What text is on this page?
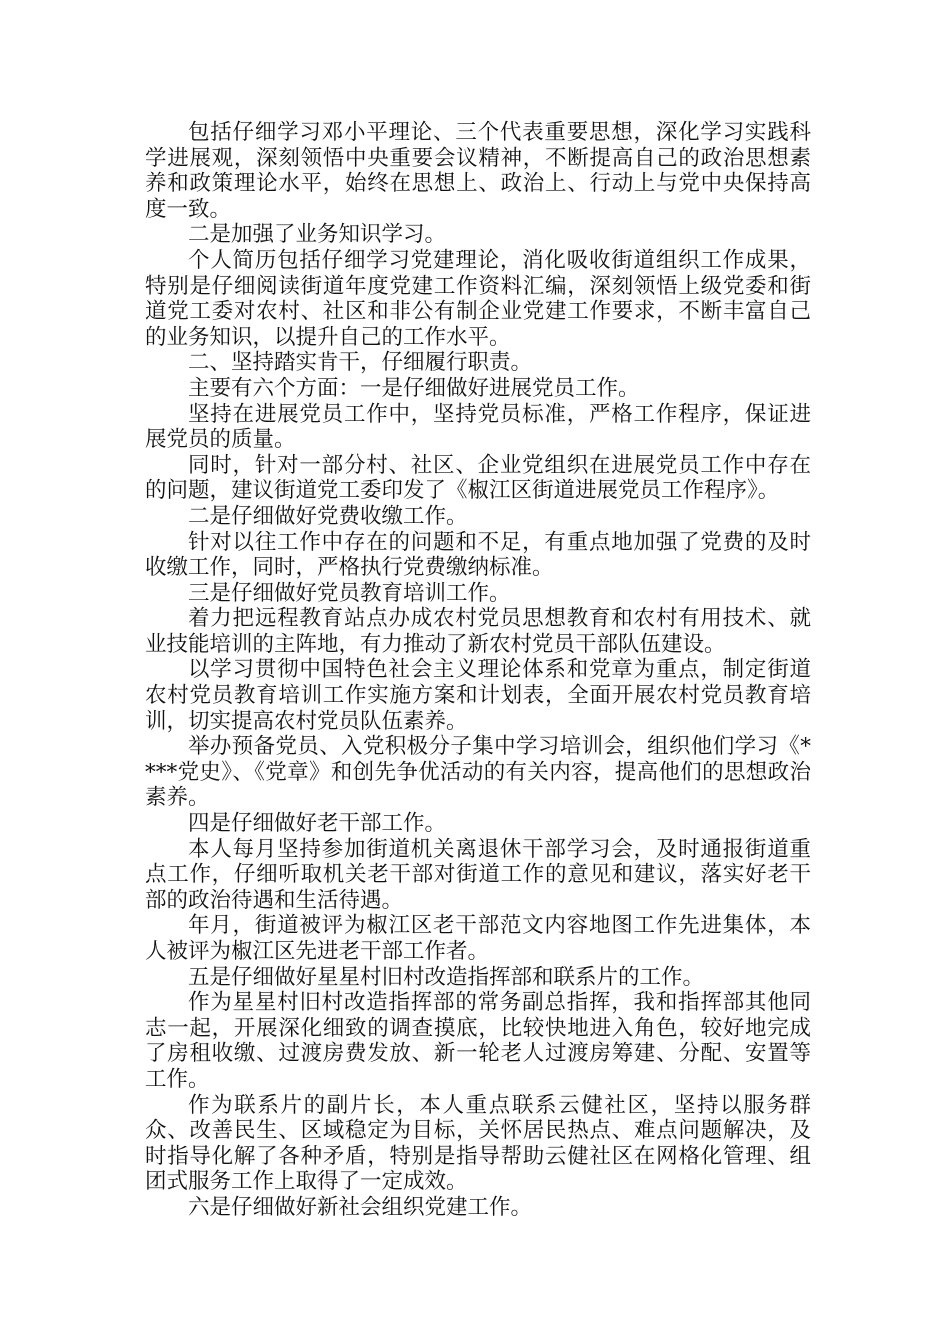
包括仔细学习邓小平理论、三个代表重要思想，深化学习实践科学进展观，深刻领悟中央重要会议精神，不断提高自己的政治思想素养和政策理论水平，始终在思想上、政治上、行动上与党中央保持高度一致。

二是加强了业务知识学习。

个人简历包括仔细学习党建理论，消化吸收街道组织工作成果，特别是仔细阅读街道年度党建工作资料汇编，深刻领悟上级党委和街道党工委对农村、社区和非公有制企业党建工作要求，不断丰富自己的业务知识，以提升自己的工作水平。

二、坚持踏实肯干，仔细履行职责。

主要有六个方面：一是仔细做好进展党员工作。

坚持在进展党员工作中，坚持党员标准，严格工作程序，保证进展党员的质量。

同时，针对一部分村、社区、企业党组织在进展党员工作中存在的问题，建议街道党工委印发了《椒江区街道进展党员工作程序》。

二是仔细做好党费收缴工作。

针对以往工作中存在的问题和不足，有重点地加强了党费的及时收缴工作，同时，严格执行党费缴纳标准。

三是仔细做好党员教育培训工作。

着力把远程教育站点办成农村党员思想教育和农村有用技术、就业技能培训的主阵地，有力推动了新农村党员干部队伍建设。

以学习贯彻中国特色社会主义理论体系和党章为重点，制定街道农村党员教育培训工作实施方案和计划表，全面开展农村党员教育培训，切实提高农村党员队伍素养。

举办预备党员、入党积极分子集中学习培训会，组织他们学习《****党史》、《党章》和创先争优活动的有关内容，提高他们的思想政治素养。

四是仔细做好老干部工作。

本人每月坚持参加街道机关离退休干部学习会，及时通报街道重点工作，仔细听取机关老干部对街道工作的意见和建议，落实好老干部的政治待遇和生活待遇。

年月，街道被评为椒江区老干部范文内容地图工作先进集体，本人被评为椒江区先进老干部工作者。

五是仔细做好星星村旧村改造指挥部和联系片的工作。

作为星星村旧村改造指挥部的常务副总指挥，我和指挥部其他同志一起，开展深化细致的调查摸底，比较快地进入角色，较好地完成了房租收缴、过渡房费发放、新一轮老人过渡房筹建、分配、安置等工作。

作为联系片的副片长，本人重点联系云健社区，坚持以服务群众、改善民生、区域稳定为目标，关怀居民热点、难点问题解决，及时指导化解了各种矛盾，特别是指导帮助云健社区在网格化管理、组团式服务工作上取得了一定成效。

六是仔细做好新社会组织党建工作。
